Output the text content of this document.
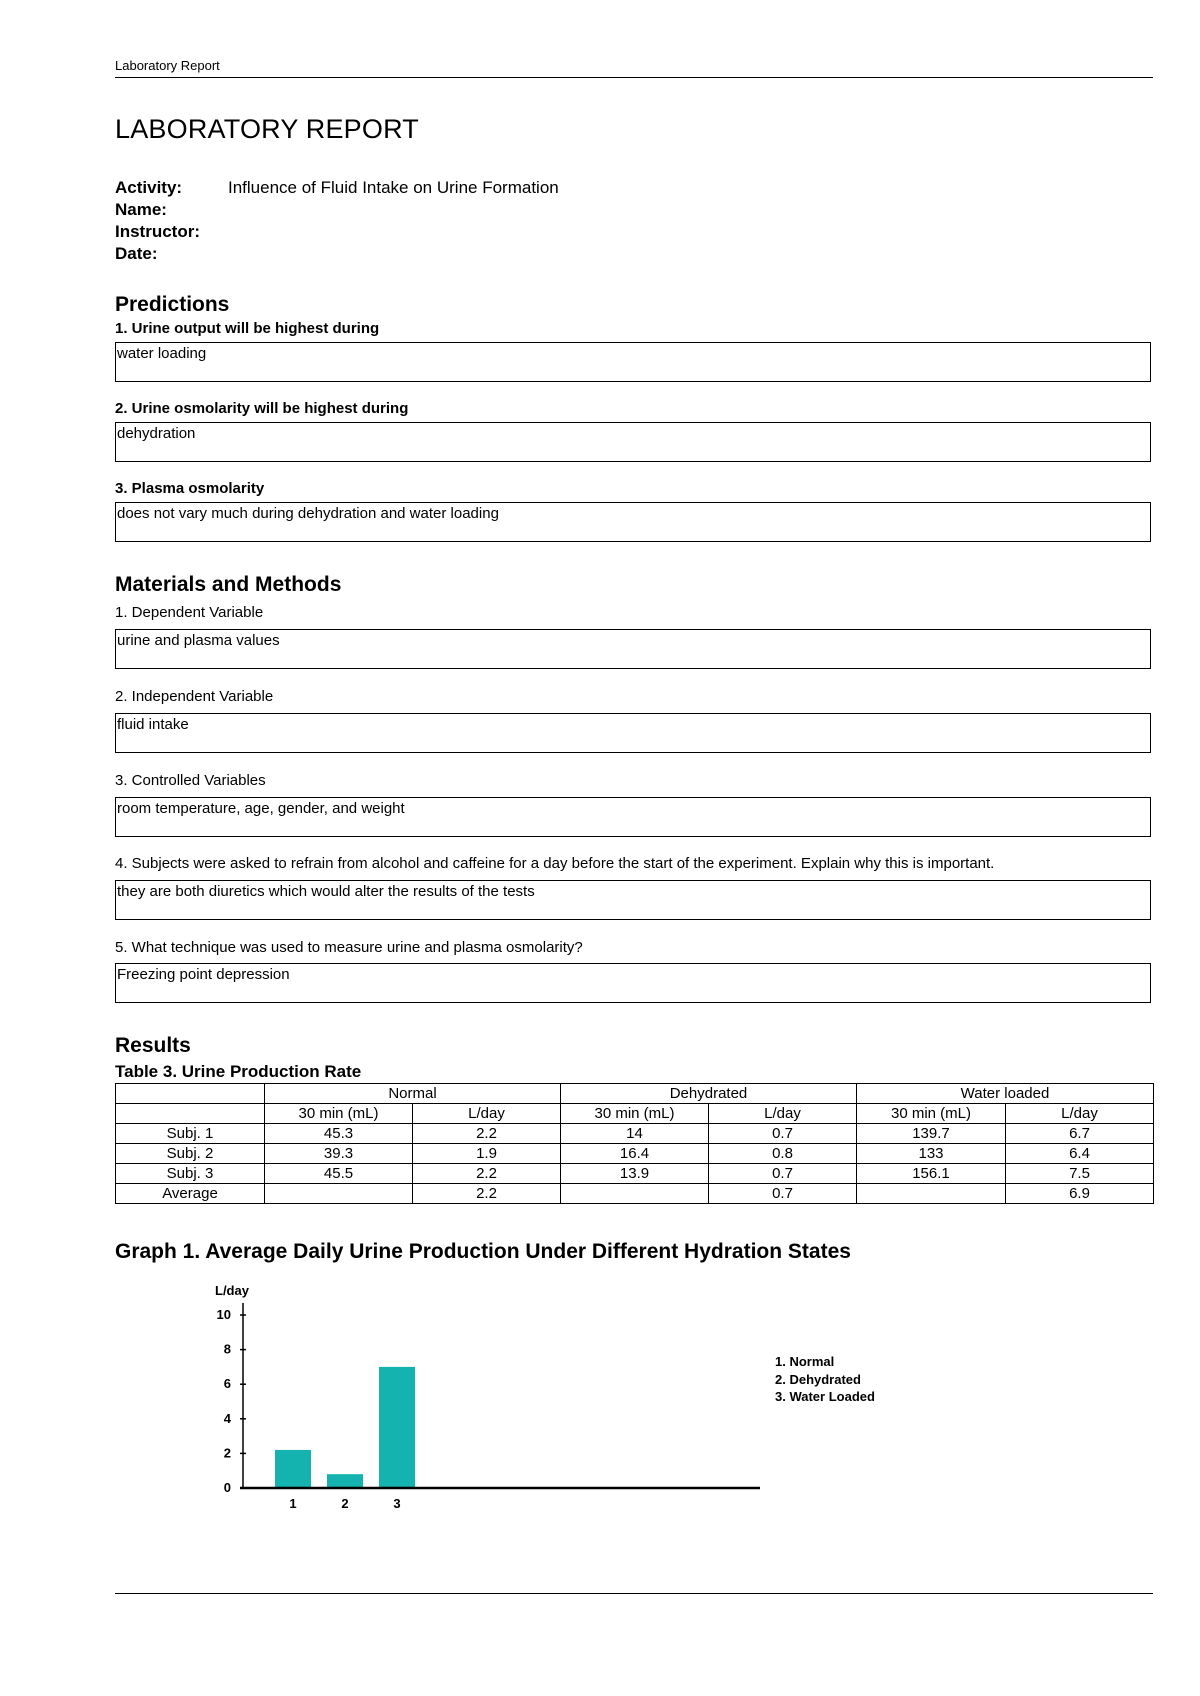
Laboratory Report
LABORATORY REPORT
Activity:	Influence of Fluid Intake on Urine Formation
Name:
Instructor:
Date:
Predictions
1. Urine output will be highest during
water loading
2. Urine osmolarity will be highest during
dehydration
3. Plasma osmolarity
does not vary much during dehydration and water loading
Materials and Methods
1. Dependent Variable
urine and plasma values
2. Independent Variable
fluid intake
3. Controlled Variables
room temperature, age, gender, and weight
4. Subjects were asked to refrain from alcohol and caffeine for a day before the start of the experiment. Explain why this is important.
they are both diuretics which would alter the results of the tests
5. What technique was used to measure urine and plasma osmolarity?
Freezing point depression
Results
Table 3. Urine Production Rate
	Normal		Dehydrated		Water loaded	
	30 min (mL)	L/day	30 min (mL)	L/day	30 min (mL)	L/day
Subj. 1	45.3	2.2	14	0.7	139.7	6.7
Subj. 2	39.3	1.9	16.4	0.8	133	6.4
Subj. 3	45.5	2.2	13.9	0.7	156.1	7.5
Average		2.2		0.7		6.9
Graph 1. Average Daily Urine Production Under Different Hydration States
L/day
0
2
4
6
8
10
1	2	3
1. Normal
2. Dehydrated
3. Water Loaded
